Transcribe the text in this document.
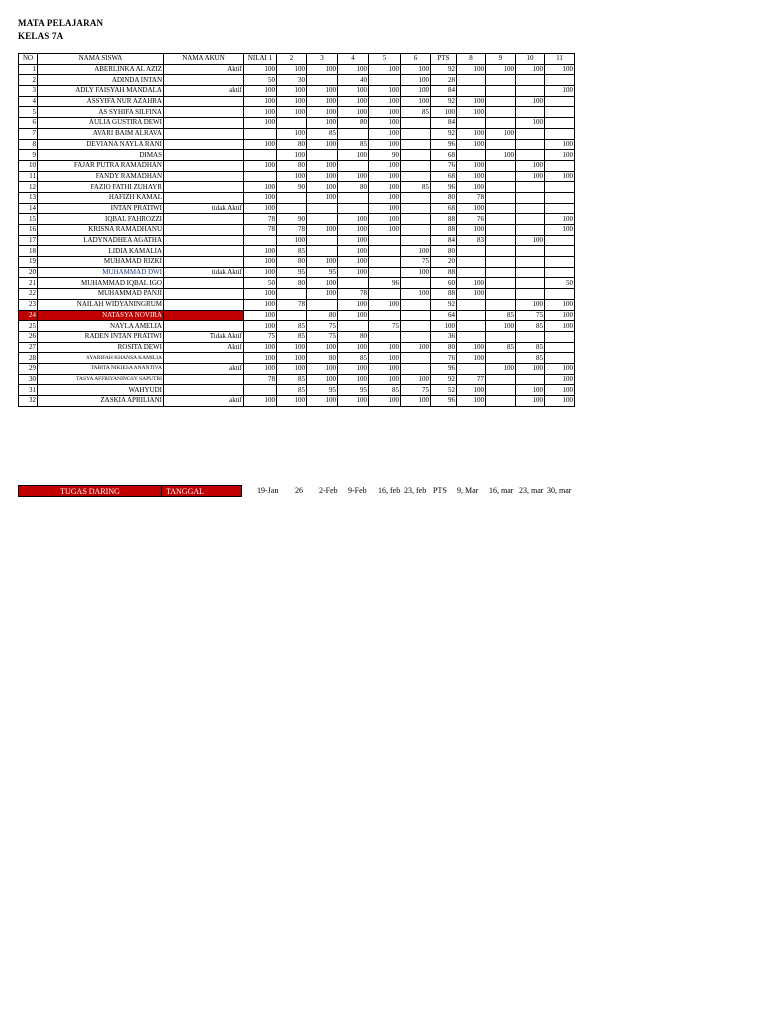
MATA PELAJARAN
KELAS 7A
NO	NAMA SISWA	NAMA AKUN	NILAI 1	2	3	4	5	6	PTS	8	9	10	11
1	ABERLINKA AL AZIZ	Aktif	100	100	100	100	100	100	92	100	100	100	100
2	ADINDA INTAN		50	30		40		100	28				
3	ADLY FAISYAH MANDALA	aktif	100	100	100	100	100	100	84				100
4	ASSYIFA NUR AZAHRA		100	100	100	100	100	100	92	100		100	
5	AS SYHIFA SILFINA		100	100	100	100	100	85	100	100			
6	AULIA GUSTIRA DEWI		100		100	80	100		84			100	
7	AVARI BAIM ALRAVA			100	85		100		92	100	100		
8	DEVIANA NAYLA RANI		100	80	100	85	100		96	100			100
9	DIMAS			100		100	90		68		100		100
10	FAJAR PUTRA RAMADHAN		100	80	100		100		76	100		100	
11	FANDY RAMADHAN			100	100	100	100		68	100		100	100
12	FAZIO FATHI ZUHAYR		100	90	100	80	100	85	96	100			
13	HAFIZH KAMAL		100		100		100		80	78			
14	INTAN PRATIWI	tidak Aktif	100				100		68	100			
15	IQBAL FAHROZZI		78	90		100	100		88	76			100
16	KRISNA RAMADHANU		78	78	100	100	100		88	100			100
17	LADYNADHEA AGATHA			100		100			84	83		100	
18	LIDIA KAMALIA		100	85		100		100	80				
19	MUHAMAD RIZKI		100	80	100	100		75	20				
20	MUHAMMAD DWI	tidak Aktif	100	95	95	100		100	88				
21	MUHAMMAD IQBAL IGO		50	80	100		96		60	100			50
22	MUHAMMAD PANJI		100		100	78		100	88	100			
23	NAILAH WIDYANINGRUM		100	78		100	100		92			100	100
24	NATASYA NOVIRA		100		80	100			64		85	75	100
25	NAYLA AMELIA		100	85	75		75		100		100	85	100
26	RADEN INTAN PRATIWI	Tidak Aktif	75	85	75	80			36				
27	ROSITA DEWI	Aktif	100	100	100	100	100	100	80	100	85	85	
28	SYARIFAH KHANSA KAMILIA		100	100	80	85	100		76	100		85	
29	TABITA NIKIESA ANANTIVA	aktif	100	100	100	100	100		96		100	100	100
30	TASYA AFFRIYANINGSY SAPUTRI		78	85	100	100	100	100	92	77			100
31	WAHYUDI			85	95	95	85	75	52	100		100	100
32	ZASKIA APRILIANI	aktif	100	100	100	100	100	100	96	100		100	100
TUGAS DARING	TANGGAL	19-Jan 26 2-Feb 9-Feb 16, feb 23, feb PTS 9, Mar 16, mar 23, mar 30, mar
